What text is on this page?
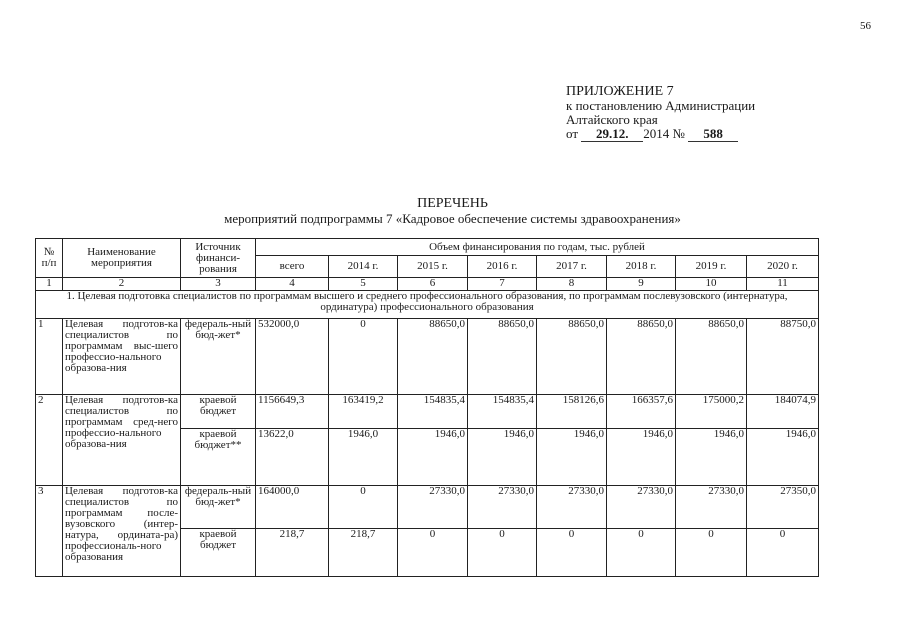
56
ПРИЛОЖЕНИЕ 7
к постановлению Администрации
Алтайского края
от 29.12. 2014 № 588
ПЕРЕЧЕНЬ
мероприятий подпрограммы 7 «Кадровое обеспечение системы здравоохранения»
№ п/п	Наименование мероприятия	Источник финанси-рования	Объем финансирования по годам, тыс. рублей							
			всего	2014 г.	2015 г.	2016 г.	2017 г.	2018 г.	2019 г.	2020 г.
1	2	3	4	5	6	7	8	9	10	11
1. Целевая подготовка специалистов по программам высшего и среднего профессионального образования, по программам послевузовского (интернатура, ординатура) профессионального образования										
1	Целевая подготов-ка специалистов по программам выс-шего профессио-нального образова-ния	федераль-ный бюд-жет*	532000,0	0	88650,0	88650,0	88650,0	88650,0	88650,0	88750,0
2	Целевая подготов-ка специалистов по программам сред-него профессио-нального образова-ния	краевой бюджет	1156649,3	163419,2	154835,4	154835,4	158126,6	166357,6	175000,2	184074,9
		краевой бюджет**	13622,0	1946,0	1946,0	1946,0	1946,0	1946,0	1946,0	1946,0
3	Целевая подготов-ка специалистов по программам после-вузовского (интер-натура, ордината-ра) профессиональ-ного образования	федераль-ный бюд-жет*	164000,0	0	27330,0	27330,0	27330,0	27330,0	27330,0	27350,0
		краевой бюджет	218,7	218,7	0	0	0	0	0	0
